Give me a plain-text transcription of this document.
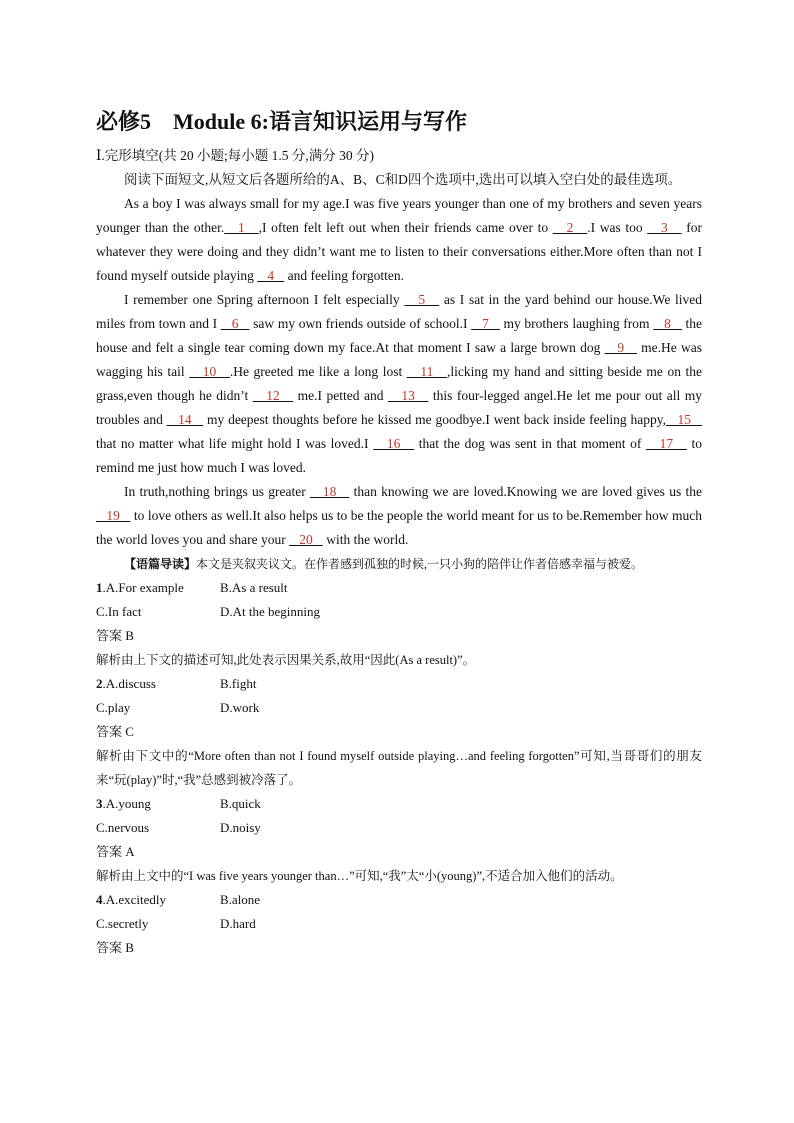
必修5　Module 6:语言知识运用与写作
Ⅰ.完形填空(共 20 小题;每小题 1.5 分,满分 30 分)

阅读下面短文,从短文后各题所给的A、B、C和D四个选项中,选出可以填入空白处的最佳选项。

As a boy I was always small for my age.I was five years younger than one of my brothers and seven years younger than the other.   1   ,I often felt left out when their friends came over to    2   .I was too    3    for whatever they were doing and they didn’t want me to listen to their conversations either.More often than not I found myself outside playing    4    and feeling forgotten.

I remember one Spring afternoon I felt especially    5    as I sat in the yard behind our house.We lived miles from town and I    6    saw my own friends outside of school.I    7    my brothers laughing from    8    the house and felt a single tear coming down my face.At that moment I saw a large brown dog    9    me.He was wagging his tail    10   .He greeted me like a long lost    11   ,licking my hand and sitting beside me on the grass,even though he didn’t    12    me.I petted and    13    this four-legged angel.He let me pour out all my troubles and    14    my deepest thoughts before he kissed me goodbye.I went back inside feeling happy,   15    that no matter what life might hold I was loved.I    16    that the dog was sent in that moment of    17    to remind me just how much I was loved.

In truth,nothing brings us greater    18    than knowing we are loved.Knowing we are loved gives us the    19    to love others as well.It also helps us to be the people the world meant for us to be.Remember how much the world loves you and share your    20    with the world.

【语篇导读】本文是夹叙夹议文。在作者感到孤独的时候,一只小狗的陪伴让作者倍感幸福与被爱。

1.A.For example	B.As a result
C.In fact	D.At the beginning
答案 B

解析由上下文的描述可知,此处表示因果关系,故用“因此(As a result)”。

2.A.discuss	B.fight
C.play	D.work
答案 C

解析由下文中的“More often than not I found myself outside playing…and feeling forgotten”可知,当哥哥们的朋友来“玩(play)”时,“我”总感到被冷落了。

3.A.young	B.quick
C.nervous	D.noisy
答案 A

解析由上文中的“I was five years younger than…”可知,“我”太“小(young)”,不适合加入他们的活动。

4.A.excitedly	B.alone
C.secretly	D.hard
答案 B
